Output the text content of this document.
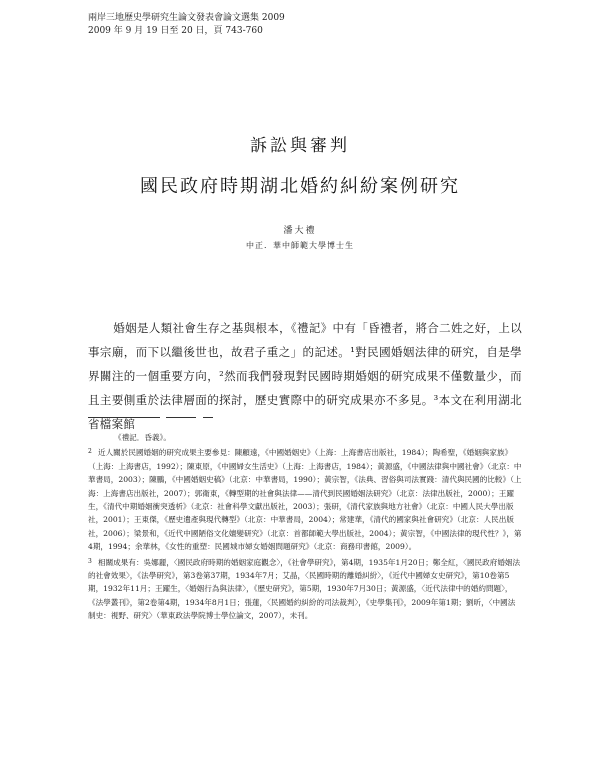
兩岸三地歷史學研究生論文發表會論文選集 2009
2009 年 9 月 19 日至 20 日，頁 743-760
訴訟與審判
國民政府時期湖北婚約糾紛案例研究
潘大禮
中正．華中師範大學博士生

婚姻是人類社會生存之基與根本，《禮記》中有「昏禮者，將合二姓之好，上以事宗廟，而下以繼後世也，故君子重之」的記述。¹對民國婚姻法律的研究，自是學界關注的一個重要方向，²然而我們發現對民國時期婚姻的研究成果不僅數量少，而且主要側重於法律層面的探討，歷史實際中的研究成果亦不多見。³本文在利用湖北省檔案館

《禮記．昏義》。
2 近人關於民國婚姻的研究成果主要參見：陳顧遠，《中國婚姻史》（上海：上海書店出版社，1984）；陶希聖，《婚姻與家族》（上海：上海書店，1992）；陳東原，《中國婦女生活史》（上海：上海書店，1984）；黃源盛，《中國法律與中國社會》（北京：中華書局，2003）；陳鵬，《中國婚姻史稿》（北京：中華書局，1990）；黃宗智，《法典、習俗與司法實踐：清代與民國的比較》（上海：上海書店出版社，2007）；郭衛東，《轉型期的社會與法律——清代到民國婚姻法研究》（北京：法律出版社，2000）；王躍生，《清代中期婚姻衝突透析》（北京：社會科學文獻出版社，2003）；張研，《清代家族與地方社會》（北京：中國人民大學出版社，2001）；王東傑，《歷史遺產與現代轉型》（北京：中華書局，2004）；常建華，《清代的國家與社會研究》（北京：人民出版社，2006）；梁景和，《近代中國陋俗文化嬗變研究》（北京：首都師範大學出版社，2004）；黃宗智，《中國法律的現代性？》，第4期，1994；余華林，《女性的重塑：民國城市婦女婚姻問題研究》（北京：商務印書館，2009）。
3 相關成果有：吳娜麗，〈國民政府時期的婚姻家庭觀念〉，《社會學研究》，第4期，1935年1月20日；鄭全紅，〈國民政府婚姻法的社會效果〉，《法學研究》，第3卷第37期，1934年7月；艾晶，〈民國時期的離婚糾紛〉，《近代中國婦女史研究》，第10卷第5期，1932年11月；王躍生，〈婚姻行為與法律〉，《歷史研究》，第5期，1930年7月30日；黃源盛，〈近代法律中的婚約問題〉，《法學叢刊》，第2卷第4期，1934年8月1日；張蓮，〈民國婚約糾紛的司法裁判〉，《史學集刊》，2009年第1期；劉昕，〈中國法制史：視野、研究〉（華東政法學院博士學位論文，2007），未刊。
